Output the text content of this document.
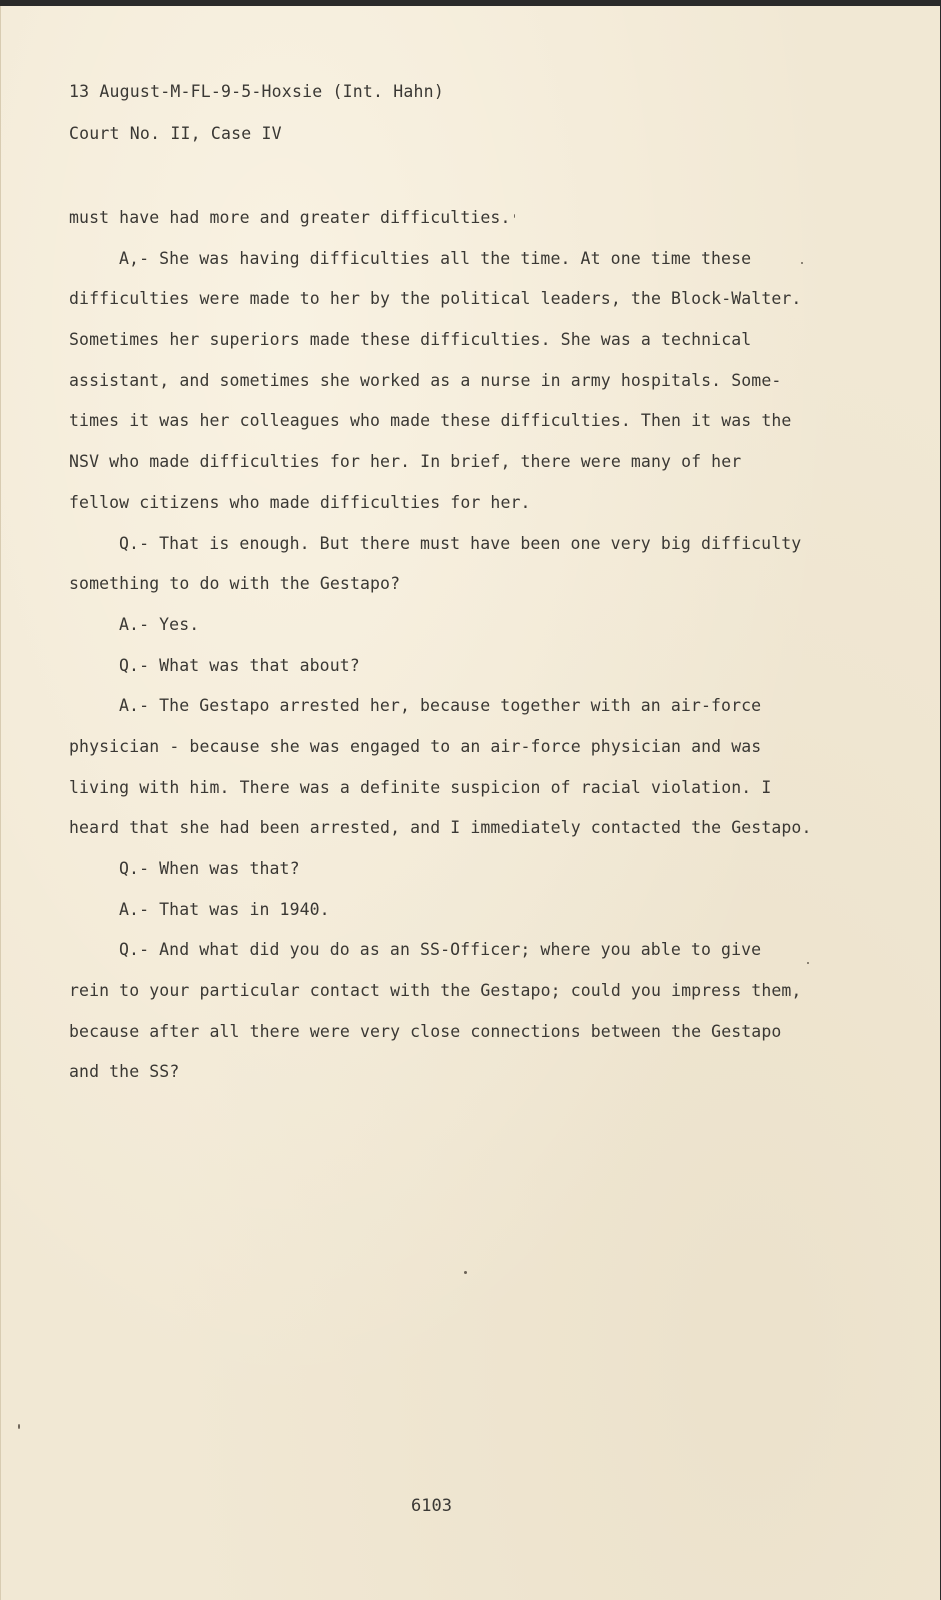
13 August-M-FL-9-5-Hoxsie (Int. Hahn)
Court No. II, Case IV
must have had more and greater difficulties.
A,- She was having difficulties all the time. At one time these
difficulties were made to her by the political leaders, the Block-Walter.
Sometimes her superiors made these difficulties. She was a technical
assistant, and sometimes she worked as a nurse in army hospitals. Some-
times it was her colleagues who made these difficulties. Then it was the
NSV who made difficulties for her. In brief, there were many of her
fellow citizens who made difficulties for her.
Q.- That is enough. But there must have been one very big difficulty
something to do with the Gestapo?
A.- Yes.
Q.- What was that about?
A.- The Gestapo arrested her, because together with an air-force
physician - because she was engaged to an air-force physician and was
living with him. There was a definite suspicion of racial violation. I
heard that she had been arrested, and I immediately contacted the Gestapo.
Q.- When was that?
A.- That was in 1940.
Q.- And what did you do as an SS-Officer; where you able to give
rein to your particular contact with the Gestapo; could you impress them,
because after all there were very close connections between the Gestapo
and the SS?
6103
